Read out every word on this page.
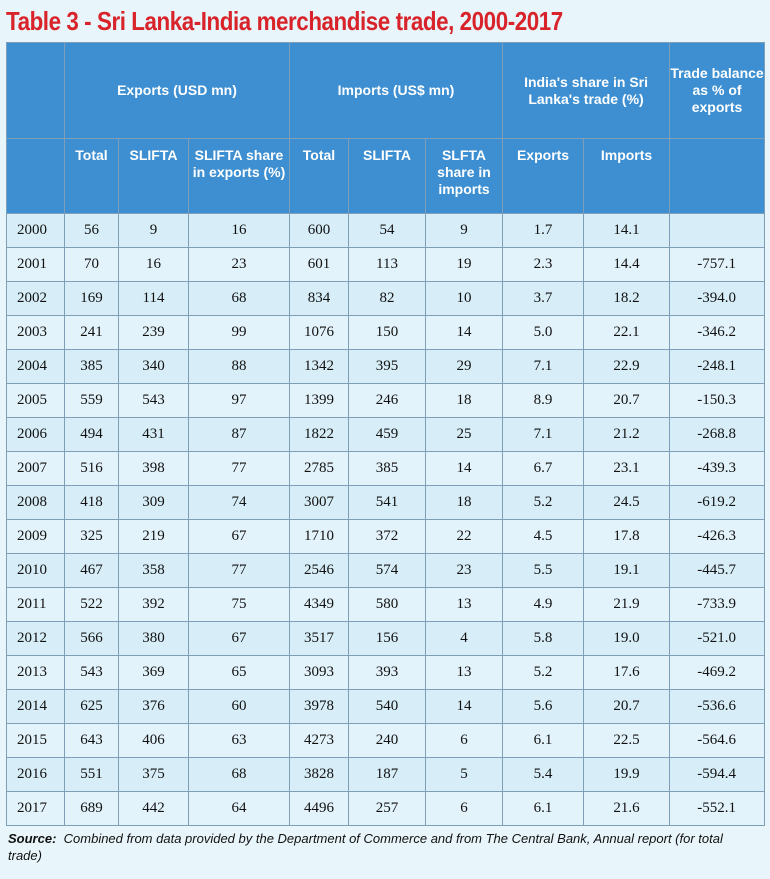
Table 3 - Sri Lanka-India merchandise trade, 2000-2017
	Exports (USD mn)			Imports (US$ mn)			India's share in Sri Lanka's trade (%)		Trade balance as % of exports

	Total	SLIFTA	SLIFTA share in exports (%)	Total	SLIFTA	SLFTA share in imports	Exports	Imports	

2000	56	9	16	600	54	9	1.7	14.1	
2001	70	16	23	601	113	19	2.3	14.4	-757.1
2002	169	114	68	834	82	10	3.7	18.2	-394.0
2003	241	239	99	1076	150	14	5.0	22.1	-346.2
2004	385	340	88	1342	395	29	7.1	22.9	-248.1
2005	559	543	97	1399	246	18	8.9	20.7	-150.3
2006	494	431	87	1822	459	25	7.1	21.2	-268.8
2007	516	398	77	2785	385	14	6.7	23.1	-439.3
2008	418	309	74	3007	541	18	5.2	24.5	-619.2
2009	325	219	67	1710	372	22	4.5	17.8	-426.3
2010	467	358	77	2546	574	23	5.5	19.1	-445.7
2011	522	392	75	4349	580	13	4.9	21.9	-733.9
2012	566	380	67	3517	156	4	5.8	19.0	-521.0
2013	543	369	65	3093	393	13	5.2	17.6	-469.2
2014	625	376	60	3978	540	14	5.6	20.7	-536.6
2015	643	406	63	4273	240	6	6.1	22.5	-564.6
2016	551	375	68	3828	187	5	5.4	19.9	-594.4
2017	689	442	64	4496	257	6	6.1	21.6	-552.1
Source: Combined from data provided by the Department of Commerce and from The Central Bank, Annual report (for total trade)
